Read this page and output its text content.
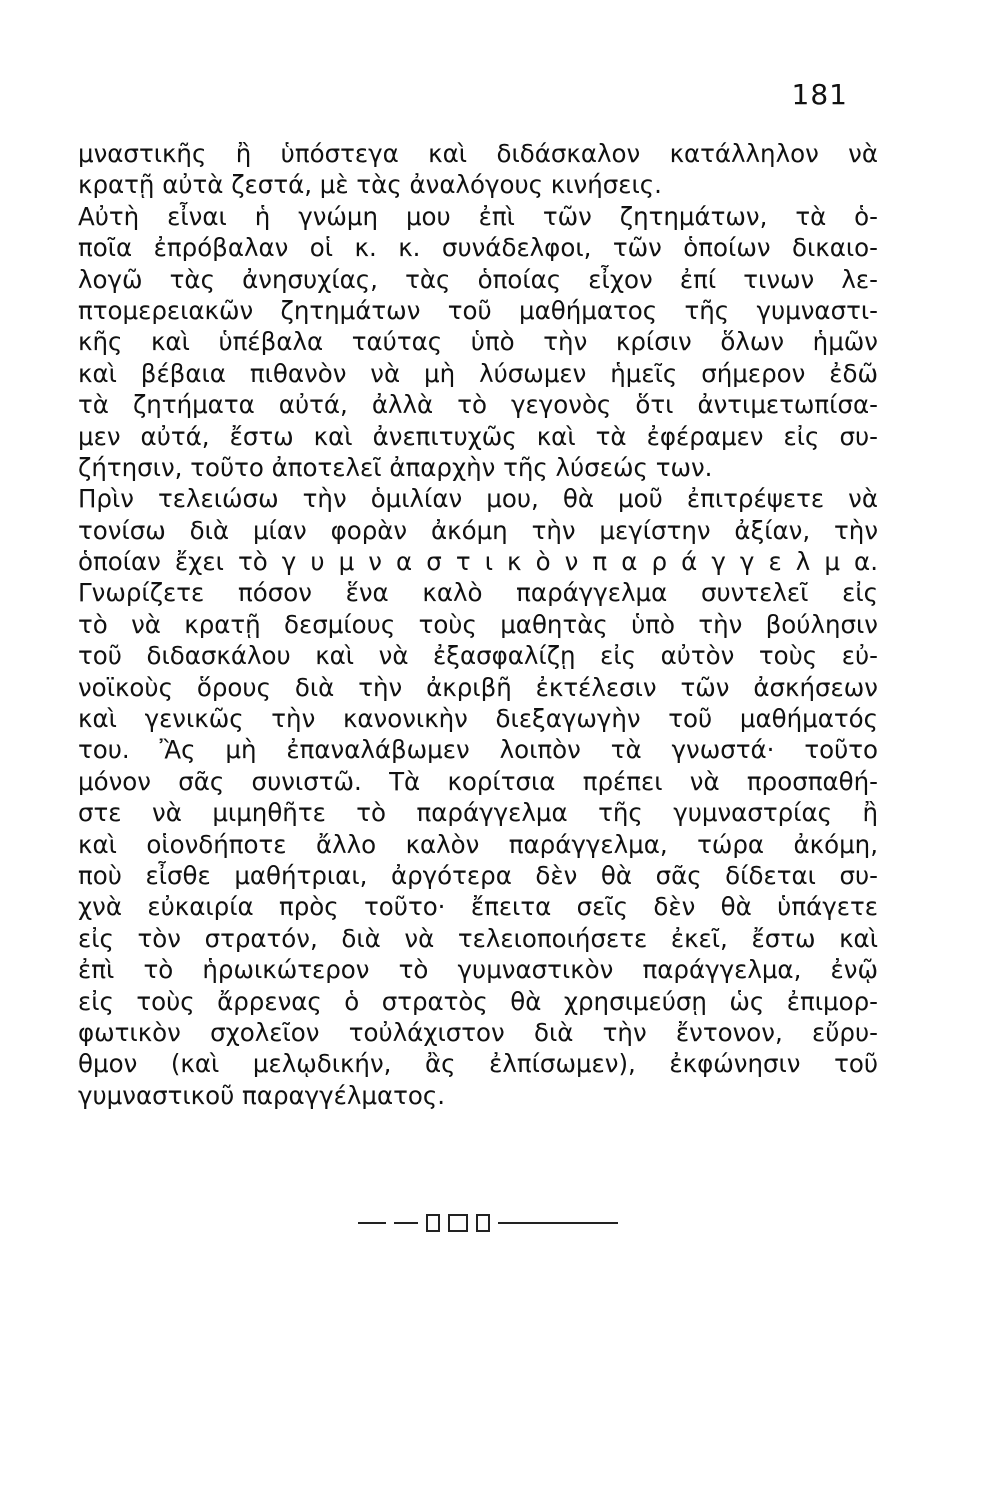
181
μναστικῆς ἢ ὑπόστεγα καὶ διδάσκαλον κατάλληλον νὰ
κρατῇ αὐτὰ ζεστά, μὲ τὰς ἀναλόγους κινήσεις.
Αὐτὴ εἶναι ἡ γνώμη μου ἐπὶ τῶν ζητημάτων, τὰ ὁ-
ποῖα ἐπρόβαλαν οἱ κ. κ. συνάδελφοι, τῶν ὁποίων δικαιο-
λογῶ τὰς ἀνησυχίας, τὰς ὁποίας εἶχον ἐπί τινων λε-
πτομερειακῶν ζητημάτων τοῦ μαθήματος τῆς γυμναστι-
κῆς καὶ ὑπέβαλα ταύτας ὑπὸ τὴν κρίσιν ὅλων ἡμῶν
καὶ βέβαια πιθανὸν νὰ μὴ λύσωμεν ἡμεῖς σήμερον ἐδῶ
τὰ ζητήματα αὐτά, ἀλλὰ τὸ γεγονὸς ὅτι ἀντιμετωπίσα-
μεν αὐτά, ἔστω καὶ ἀνεπιτυχῶς καὶ τὰ ἐφέραμεν εἰς συ-
ζήτησιν, τοῦτο ἀποτελεῖ ἀπαρχὴν τῆς λύσεώς των.
Πρὶν τελειώσω τὴν ὁμιλίαν μου, θὰ μοῦ ἐπιτρέψετε νὰ
τονίσω διὰ μίαν φορὰν ἀκόμη τὴν μεγίστην ἀξίαν, τὴν
ὁποίαν ἔχει τὸ γ υ μ ν α σ τ ι κ ὸ ν π α ρ ά γ γ ε λ μ α.
Γνωρίζετε πόσον ἕνα καλὸ παράγγελμα συντελεῖ εἰς
τὸ νὰ κρατῇ δεσμίους τοὺς μαθητὰς ὑπὸ τὴν βούλησιν
τοῦ διδασκάλου καὶ νὰ ἐξασφαλίζῃ εἰς αὐτὸν τοὺς εὐ-
νοϊκοὺς ὅρους διὰ τὴν ἀκριβῆ ἐκτέλεσιν τῶν ἀσκήσεων
καὶ γενικῶς τὴν κανονικὴν διεξαγωγὴν τοῦ μαθήματός
του. Ἂς μὴ ἐπαναλάβωμεν λοιπὸν τὰ γνωστά· τοῦτο
μόνον σᾶς συνιστῶ. Τὰ κορίτσια πρέπει νὰ προσπαθή-
στε νὰ μιμηθῆτε τὸ παράγγελμα τῆς γυμναστρίας ἢ
καὶ οἱονδήποτε ἄλλο καλὸν παράγγελμα, τώρα ἀκόμη,
ποὺ εἶσθε μαθήτριαι, ἀργότερα δὲν θὰ σᾶς δίδεται συ-
χνὰ εὐκαιρία πρὸς τοῦτο· ἔπειτα σεῖς δὲν θὰ ὑπάγετε
εἰς τὸν στρατόν, διὰ νὰ τελειοποιήσετε ἐκεῖ, ἔστω καὶ
ἐπὶ τὸ ἡρωικώτερον τὸ γυμναστικὸν παράγγελμα, ἐνῷ
εἰς τοὺς ἄρρενας ὁ στρατὸς θὰ χρησιμεύσῃ ὡς ἐπιμορ-
φωτικὸν σχολεῖον τοὐλάχιστον διὰ τὴν ἔντονον, εὔρυ-
θμον (καὶ μελῳδικήν, ἂς ἐλπίσωμεν), ἐκφώνησιν τοῦ
γυμναστικοῦ παραγγέλματος.
